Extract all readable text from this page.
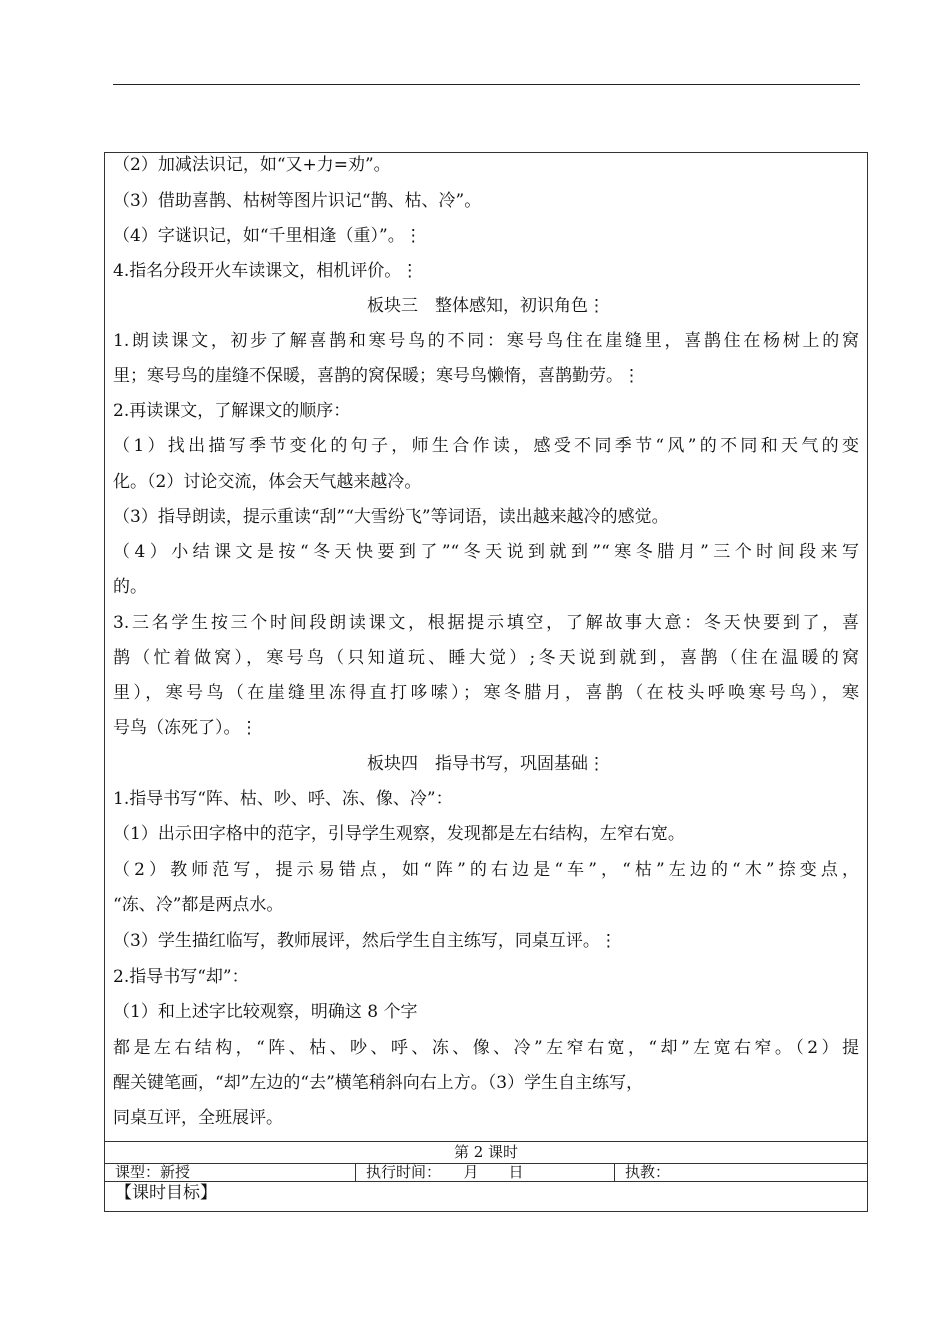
（2）加减法识记，如“又+力=劝”。
（3）借助喜鹊、枯树等图片识记“鹊、枯、冷”。
（4）字谜识记，如“千里相逢（重）”。⋮
4.指名分段开火车读课文，相机评价。⋮
板块三　整体感知，初识角色⋮
1.朗读课文，初步了解喜鹊和寒号鸟的不同：寒号鸟住在崖缝里，喜鹊住在杨树上的窝
里；寒号鸟的崖缝不保暖，喜鹊的窝保暖；寒号鸟懒惰，喜鹊勤劳。⋮
2.再读课文，了解课文的顺序：
（1）找出描写季节变化的句子，师生合作读，感受不同季节“风”的不同和天气的变
化。（2）讨论交流，体会天气越来越冷。
（3）指导朗读，提示重读“刮”“大雪纷飞”等词语，读出越来越冷的感觉。
（4）小结课文是按“冬天快要到了”“冬天说到就到”“寒冬腊月”三个时间段来写
的。
3.三名学生按三个时间段朗读课文，根据提示填空，了解故事大意：冬天快要到了，喜
鹊（忙着做窝），寒号鸟（只知道玩、睡大觉）;冬天说到就到，喜鹊（住在温暖的窝
里），寒号鸟（在崖缝里冻得直打哆嗦）；寒冬腊月，喜鹊（在枝头呼唤寒号鸟），寒
号鸟（冻死了）。⋮
板块四　指导书写，巩固基础⋮
1.指导书写“阵、枯、吵、呼、冻、像、冷”：
（1）出示田字格中的范字，引导学生观察，发现都是左右结构，左窄右宽。
（2）教师范写，提示易错点，如“阵”的右边是“车”，“枯”左边的“木”捺变点，
“冻、冷”都是两点水。
（3）学生描红临写，教师展评，然后学生自主练写，同桌互评。⋮
2.指导书写“却”：
（1）和上述字比较观察，明确这 8 个字
都是左右结构，“阵、枯、吵、呼、冻、像、冷”左窄右宽，“却”左宽右窄。（2）提
醒关键笔画，“却”左边的“去”横笔稍斜向右上方。（3）学生自主练写，
同桌互评，全班展评。
第 2 课时
课型：新授	执行时间：　　月　　日	执教：
【课时目标】
